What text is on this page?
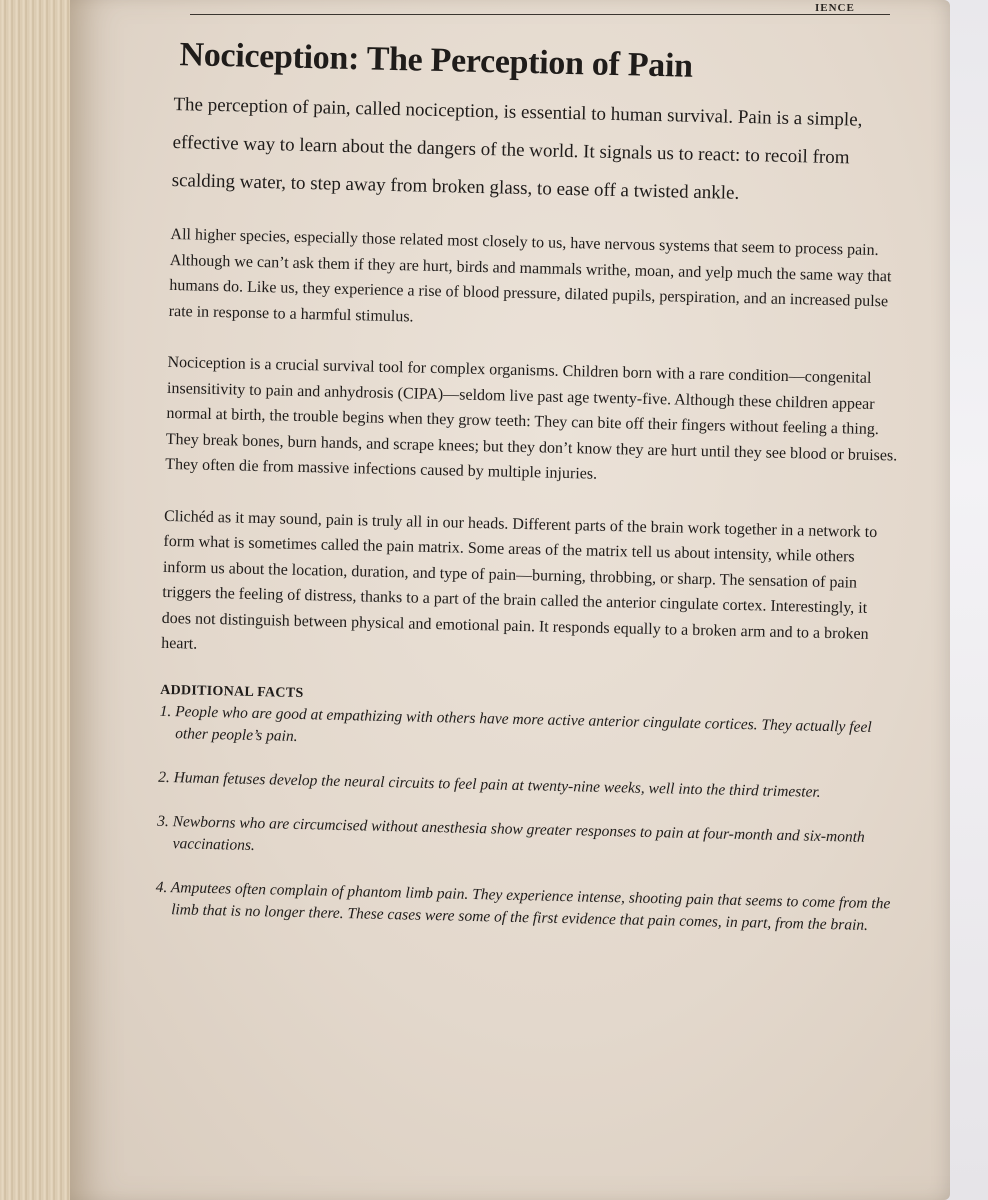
IENCE
Nociception: The Perception of Pain

The perception of pain, called nociception, is essential to human survival. Pain is a simple, effective way to learn about the dangers of the world. It signals us to react: to recoil from scalding water, to step away from broken glass, to ease off a twisted ankle.

All higher species, especially those related most closely to us, have nervous systems that seem to process pain. Although we can’t ask them if they are hurt, birds and mammals writhe, moan, and yelp much the same way that humans do. Like us, they experience a rise of blood pressure, dilated pupils, perspiration, and an increased pulse rate in response to a harmful stimulus.

Nociception is a crucial survival tool for complex organisms. Children born with a rare condition—congenital insensitivity to pain and anhydrosis (CIPA)—seldom live past age twenty-five. Although these children appear normal at birth, the trouble begins when they grow teeth: They can bite off their fingers without feeling a thing. They break bones, burn hands, and scrape knees; but they don’t know they are hurt until they see blood or bruises. They often die from massive infections caused by multiple injuries.

Clichéd as it may sound, pain is truly all in our heads. Different parts of the brain work together in a network to form what is sometimes called the pain matrix. Some areas of the matrix tell us about intensity, while others inform us about the location, duration, and type of pain—burning, throbbing, or sharp. The sensation of pain triggers the feeling of distress, thanks to a part of the brain called the anterior cingulate cortex. Interestingly, it does not distinguish between physical and emotional pain. It responds equally to a broken arm and to a broken heart.

ADDITIONAL FACTS
1. People who are good at empathizing with others have more active anterior cingulate cortices. They actually feel other people’s pain.
2. Human fetuses develop the neural circuits to feel pain at twenty-nine weeks, well into the third trimester.
3. Newborns who are circumcised without anesthesia show greater responses to pain at four-month and six-month vaccinations.
4. Amputees often complain of phantom limb pain. They experience intense, shooting pain that seems to come from the limb that is no longer there. These cases were some of the first evidence that pain comes, in part, from the brain.
